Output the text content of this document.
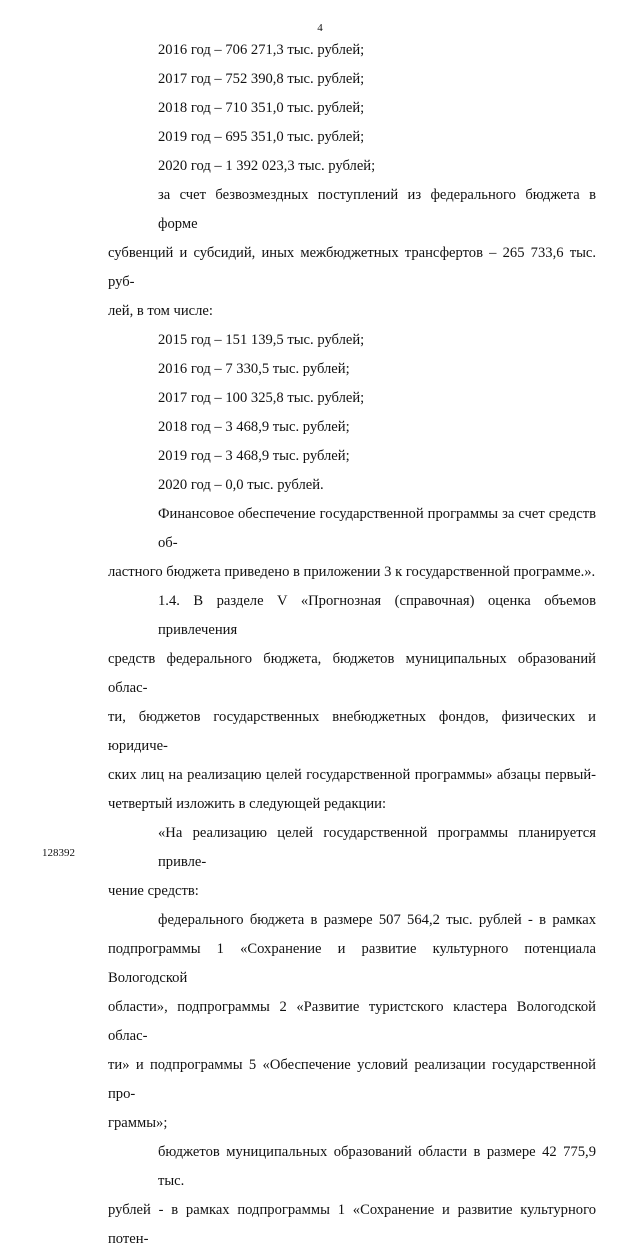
4
2016 год – 706 271,3 тыс. рублей;
2017 год – 752 390,8 тыс. рублей;
2018 год – 710 351,0 тыс. рублей;
2019 год – 695 351,0 тыс. рублей;
2020 год – 1 392 023,3 тыс. рублей;
за счет безвозмездных поступлений из федерального бюджета в форме
субвенций и субсидий, иных межбюджетных трансфертов – 265 733,6 тыс. руб-
лей, в том числе:
2015 год – 151 139,5 тыс. рублей;
2016 год – 7 330,5 тыс. рублей;
2017 год – 100 325,8 тыс. рублей;
2018 год – 3 468,9 тыс. рублей;
2019 год – 3 468,9 тыс. рублей;
2020 год – 0,0 тыс. рублей.
Финансовое обеспечение государственной программы за счет средств об-
ластного бюджета приведено в приложении 3 к государственной программе.».
1.4. В разделе V «Прогнозная (справочная) оценка объемов привлечения
средств федерального бюджета, бюджетов муниципальных образований облас-
ти, бюджетов государственных внебюджетных фондов, физических и юридиче-
ских лиц на реализацию целей государственной программы» абзацы первый-
четвертый изложить в следующей редакции:
«На реализацию целей государственной программы планируется привле-
чение средств:
федерального бюджета в размере 507 564,2 тыс. рублей - в рамках
подпрограммы 1 «Сохранение и развитие культурного потенциала Вологодской
области», подпрограммы 2 «Развитие туристского кластера Вологодской облас-
ти» и подпрограммы 5 «Обеспечение условий реализации государственной про-
граммы»;
бюджетов муниципальных образований области в размере 42 775,9 тыс.
рублей - в рамках подпрограммы 1 «Сохранение и развитие культурного потен-
128392
